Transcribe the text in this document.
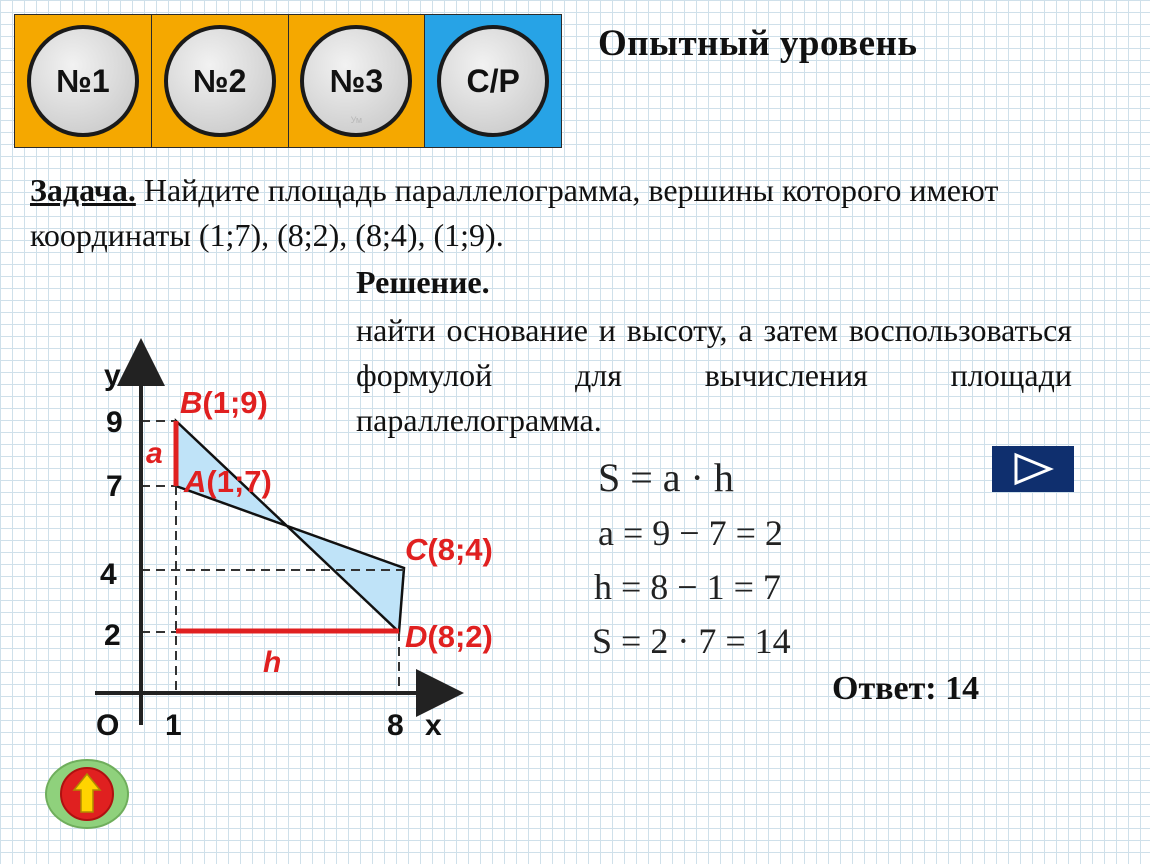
№1	№2	№3
Ум
С/Р
Опытный уровень
Задача. Найдите площадь параллелограмма, вершины которого имеют координаты (1;7), (8;2), (8;4), (1;9).
Решение.
найти основание и высоту, а затем воспользоваться формулой для вычисления площади параллелограмма.
y
x
O
9
7
4
2
1	8
B(1;9)
A(1;7)
C(8;4)
D(8;2)
a
h
S = a · h
a = 9 − 7 = 2
h = 8 − 1 = 7
S = 2 · 7 = 14
Ответ: 14
